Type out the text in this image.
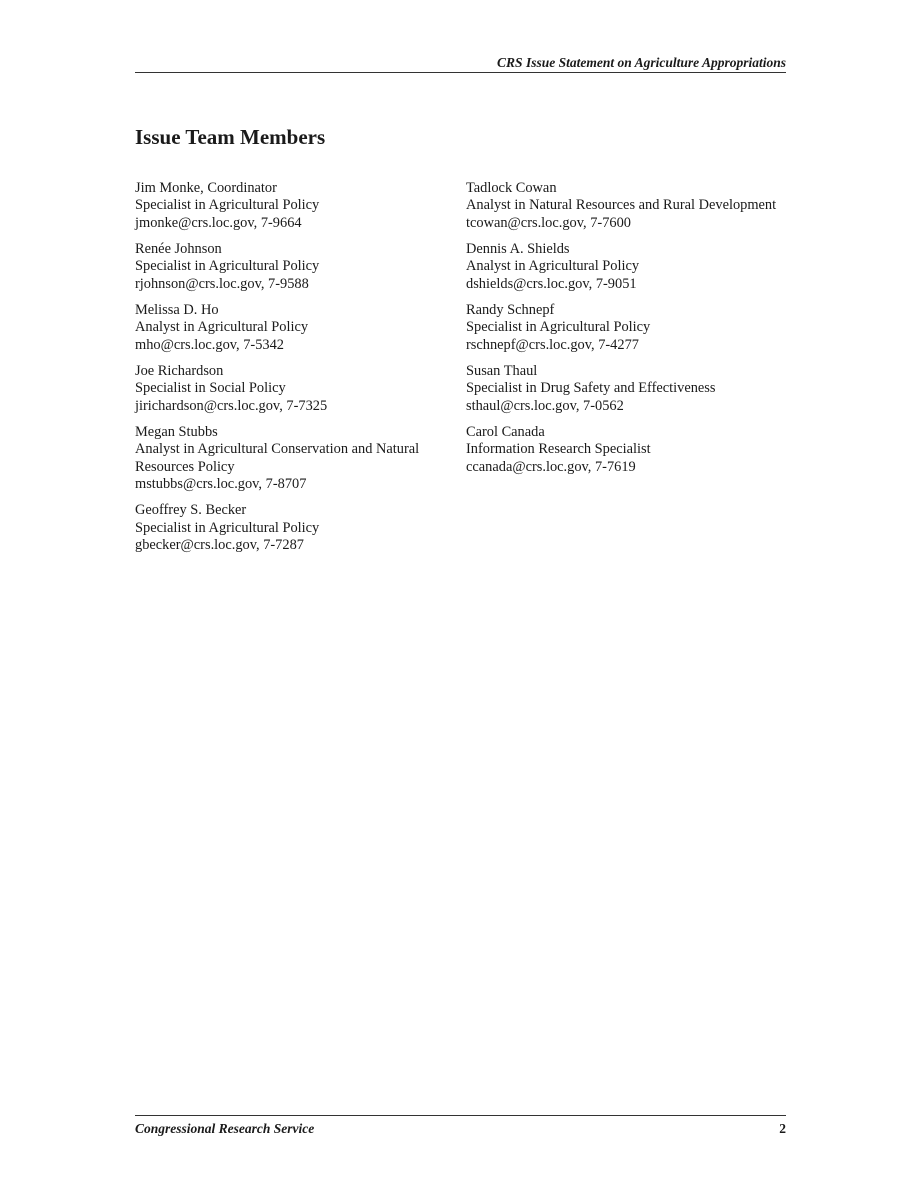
CRS Issue Statement on Agriculture Appropriations
Issue Team Members
Jim Monke, Coordinator
Specialist in Agricultural Policy
jmonke@crs.loc.gov, 7-9664
Renée Johnson
Specialist in Agricultural Policy
rjohnson@crs.loc.gov, 7-9588
Melissa D. Ho
Analyst in Agricultural Policy
mho@crs.loc.gov, 7-5342
Joe Richardson
Specialist in Social Policy
jirichardson@crs.loc.gov, 7-7325
Megan Stubbs
Analyst in Agricultural Conservation and Natural Resources Policy
mstubbs@crs.loc.gov, 7-8707
Geoffrey S. Becker
Specialist in Agricultural Policy
gbecker@crs.loc.gov, 7-7287
Tadlock Cowan
Analyst in Natural Resources and Rural Development
tcowan@crs.loc.gov, 7-7600
Dennis A. Shields
Analyst in Agricultural Policy
dshields@crs.loc.gov, 7-9051
Randy Schnepf
Specialist in Agricultural Policy
rschnepf@crs.loc.gov, 7-4277
Susan Thaul
Specialist in Drug Safety and Effectiveness
sthaul@crs.loc.gov, 7-0562
Carol Canada
Information Research Specialist
ccanada@crs.loc.gov, 7-7619
Congressional Research Service	2
